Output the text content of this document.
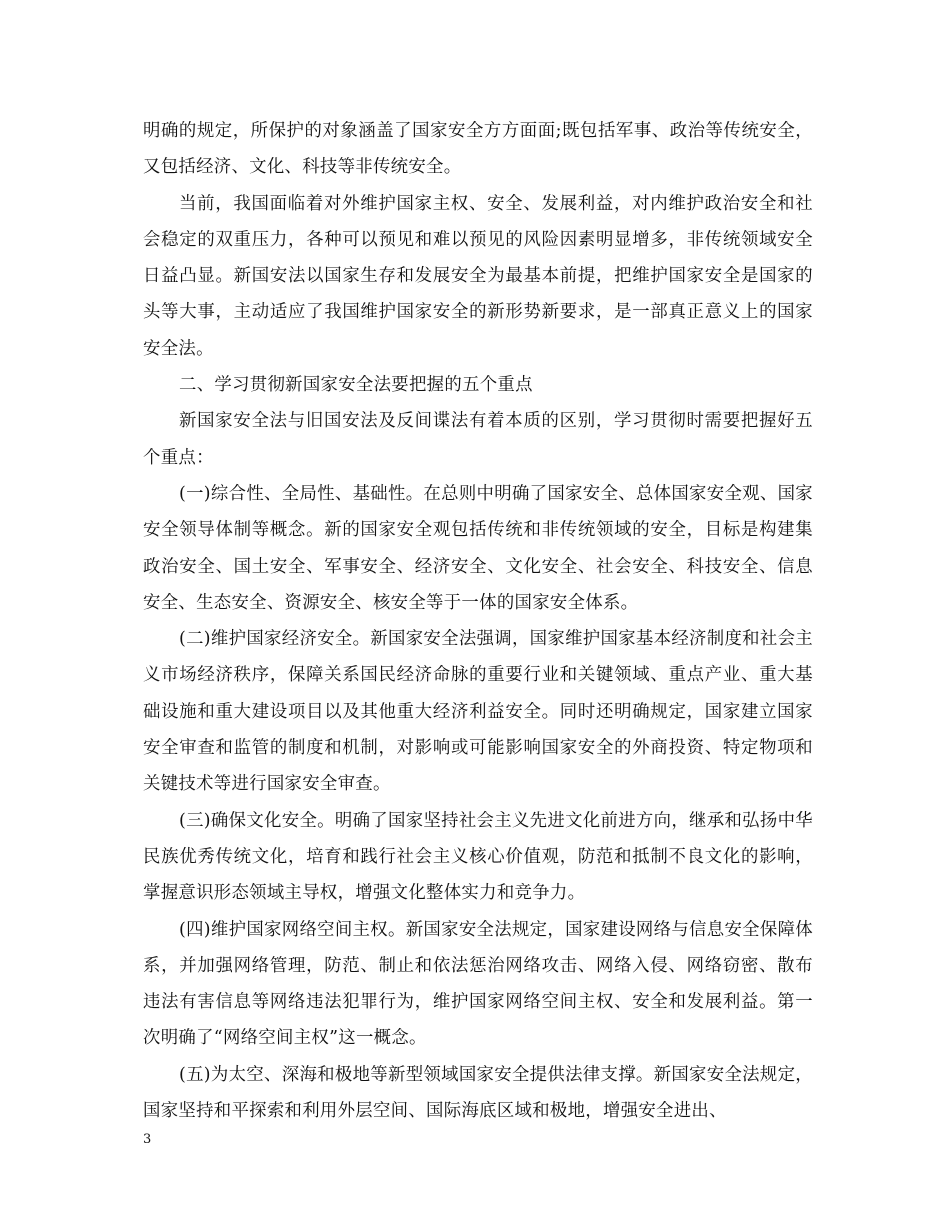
明确的规定，所保护的对象涵盖了国家安全方方面面;既包括军事、政治等传统安全，又包括经济、文化、科技等非传统安全。

当前，我国面临着对外维护国家主权、安全、发展利益，对内维护政治安全和社会稳定的双重压力，各种可以预见和难以预见的风险因素明显增多，非传统领域安全日益凸显。新国安法以国家生存和发展安全为最基本前提，把维护国家安全是国家的头等大事，主动适应了我国维护国家安全的新形势新要求，是一部真正意义上的国家安全法。

二、学习贯彻新国家安全法要把握的五个重点

新国家安全法与旧国安法及反间谍法有着本质的区别，学习贯彻时需要把握好五个重点：

(一)综合性、全局性、基础性。在总则中明确了国家安全、总体国家安全观、国家安全领导体制等概念。新的国家安全观包括传统和非传统领域的安全，目标是构建集政治安全、国土安全、军事安全、经济安全、文化安全、社会安全、科技安全、信息安全、生态安全、资源安全、核安全等于一体的国家安全体系。

(二)维护国家经济安全。新国家安全法强调，国家维护国家基本经济制度和社会主义市场经济秩序，保障关系国民经济命脉的重要行业和关键领域、重点产业、重大基础设施和重大建设项目以及其他重大经济利益安全。同时还明确规定，国家建立国家安全审查和监管的制度和机制，对影响或可能影响国家安全的外商投资、特定物项和关键技术等进行国家安全审查。

(三)确保文化安全。明确了国家坚持社会主义先进文化前进方向，继承和弘扬中华民族优秀传统文化，培育和践行社会主义核心价值观，防范和抵制不良文化的影响，掌握意识形态领域主导权，增强文化整体实力和竞争力。

(四)维护国家网络空间主权。新国家安全法规定，国家建设网络与信息安全保障体系，并加强网络管理，防范、制止和依法惩治网络攻击、网络入侵、网络窃密、散布违法有害信息等网络违法犯罪行为，维护国家网络空间主权、安全和发展利益。第一次明确了“网络空间主权”这一概念。

(五)为太空、深海和极地等新型领域国家安全提供法律支撑。新国家安全法规定，国家坚持和平探索和利用外层空间、国际海底区域和极地，增强安全进出、

3
